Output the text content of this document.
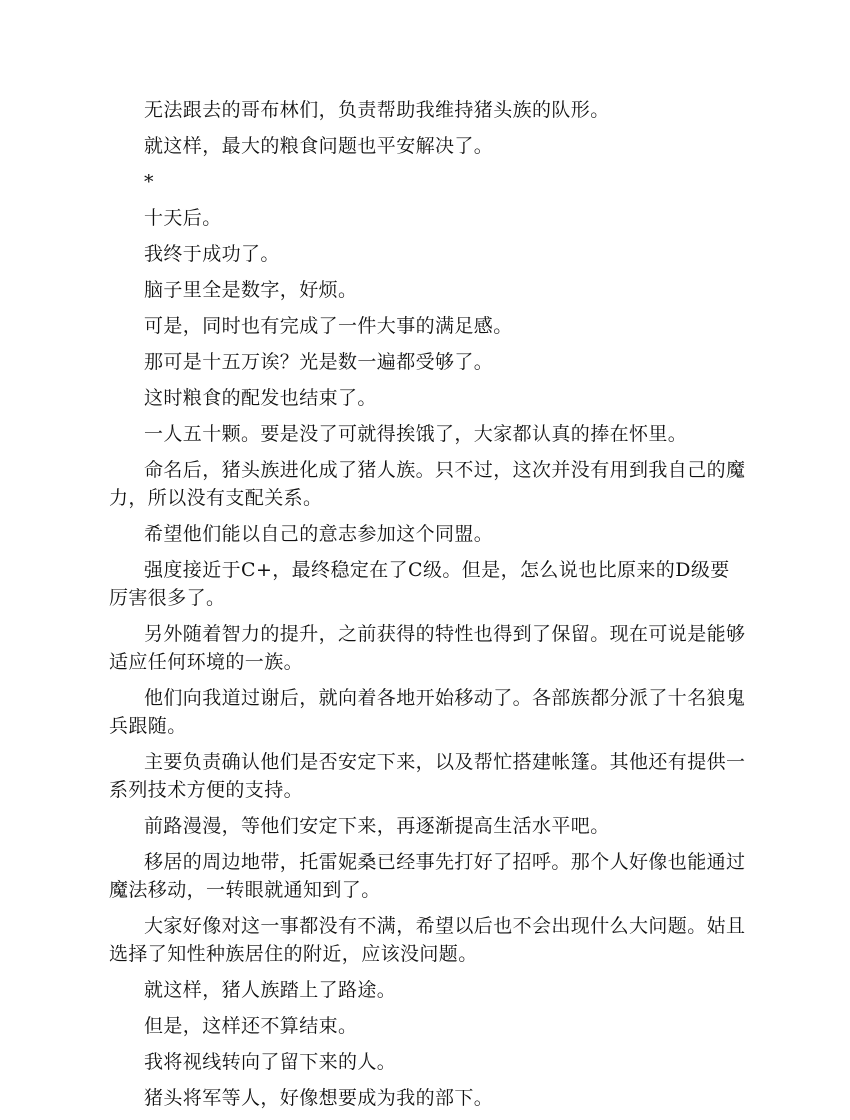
无法跟去的哥布林们，负责帮助我维持猪头族的队形。

就这样，最大的粮食问题也平安解决了。

*

十天后。

我终于成功了。

脑子里全是数字，好烦。

可是，同时也有完成了一件大事的满足感。

那可是十五万诶？光是数一遍都受够了。

这时粮食的配发也结束了。

一人五十颗。要是没了可就得挨饿了，大家都认真的捧在怀里。

命名后，猪头族进化成了猪人族。只不过，这次并没有用到我自己的魔力，所以没有支配关系。

希望他们能以自己的意志参加这个同盟。

强度接近于C+，最终稳定在了C级。但是，怎么说也比原来的D级要厉害很多了。

另外随着智力的提升，之前获得的特性也得到了保留。现在可说是能够适应任何环境的一族。

他们向我道过谢后，就向着各地开始移动了。各部族都分派了十名狼鬼兵跟随。

主要负责确认他们是否安定下来，以及帮忙搭建帐篷。其他还有提供一系列技术方便的支持。

前路漫漫，等他们安定下来，再逐渐提高生活水平吧。

移居的周边地带，托雷妮桑已经事先打好了招呼。那个人好像也能通过魔法移动，一转眼就通知到了。

大家好像对这一事都没有不满，希望以后也不会出现什么大问题。姑且选择了知性种族居住的附近，应该没问题。

就这样，猪人族踏上了路途。

但是，这样还不算结束。

我将视线转向了留下来的人。

猪头将军等人，好像想要成为我的部下。
